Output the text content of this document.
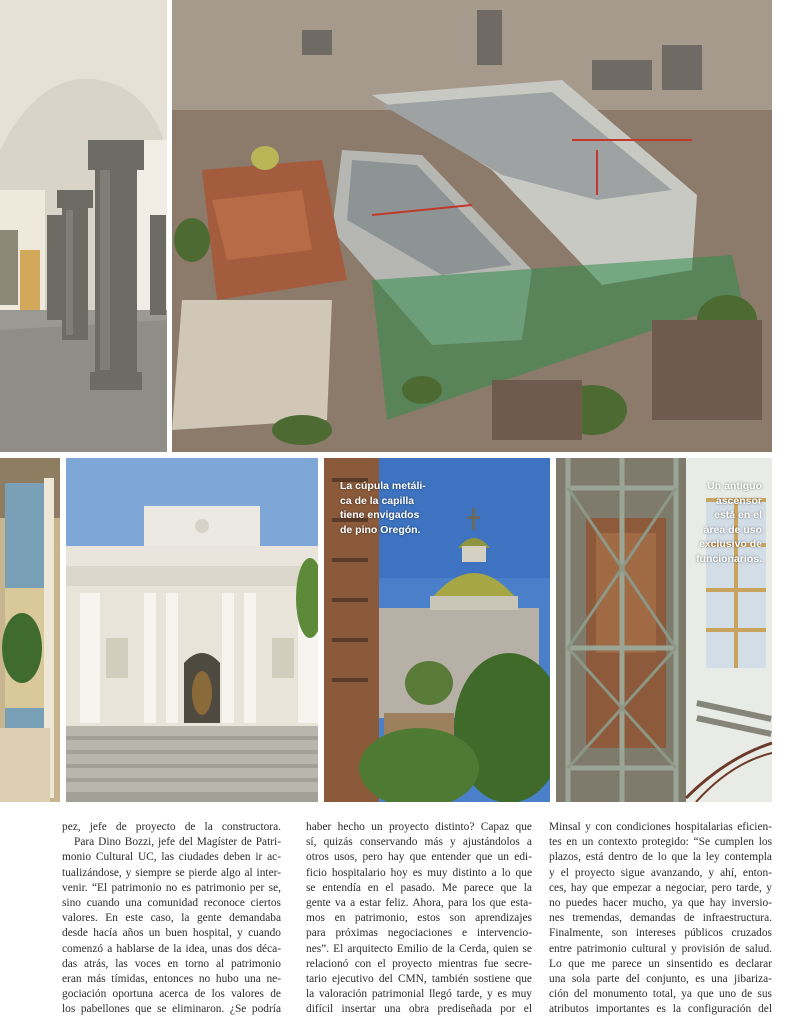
La cúpula metáli-
ca de la capilla
tiene envigados
de pino Oregón.
Un antiguo
ascensor
está en el
área de uso
exclusivo de
funcionarios.
pez, jefe de proyecto de la constructora.
Para Dino Bozzi, jefe del Magíster de Patri-
monio Cultural UC, las ciudades deben ir ac-
tualizándose, y siempre se pierde algo al inter-
venir. “El patrimonio no es patrimonio per se,
sino cuando una comunidad reconoce ciertos
valores. En este caso, la gente demandaba
desde hacía años un buen hospital, y cuando
comenzó a hablarse de la idea, unas dos déca-
das atrás, las voces en torno al patrimonio
eran más tímidas, entonces no hubo una ne-
gociación oportuna acerca de los valores de
los pabellones que se eliminaron. ¿Se podría
haber hecho un proyecto distinto? Capaz que
sí, quizás conservando más y ajustándolos a
otros usos, pero hay que entender que un edi-
ficio hospitalario hoy es muy distinto a lo que
se entendía en el pasado. Me parece que la
gente va a estar feliz. Ahora, para los que esta-
mos en patrimonio, estos son aprendizajes
para próximas negociaciones e intervencio-
nes”. El arquitecto Emilio de la Cerda, quien se
relacionó con el proyecto mientras fue secre-
tario ejecutivo del CMN, también sostiene que
la valoración patrimonial llegó tarde, y es muy
difícil insertar una obra prediseñada por el
Minsal y con condiciones hospitalarias eficien-
tes en un contexto protegido: “Se cumplen los
plazos, está dentro de lo que la ley contempla
y el proyecto sigue avanzando, y ahí, enton-
ces, hay que empezar a negociar, pero tarde, y
no puedes hacer mucho, ya que hay inversio-
nes tremendas, demandas de infraestructura.
Finalmente, son intereses públicos cruzados
entre patrimonio cultural y provisión de salud.
Lo que me parece un sinsentido es declarar
una sola parte del conjunto, es una jibariza-
ción del monumento total, ya que uno de sus
atributos importantes es la configuración del
